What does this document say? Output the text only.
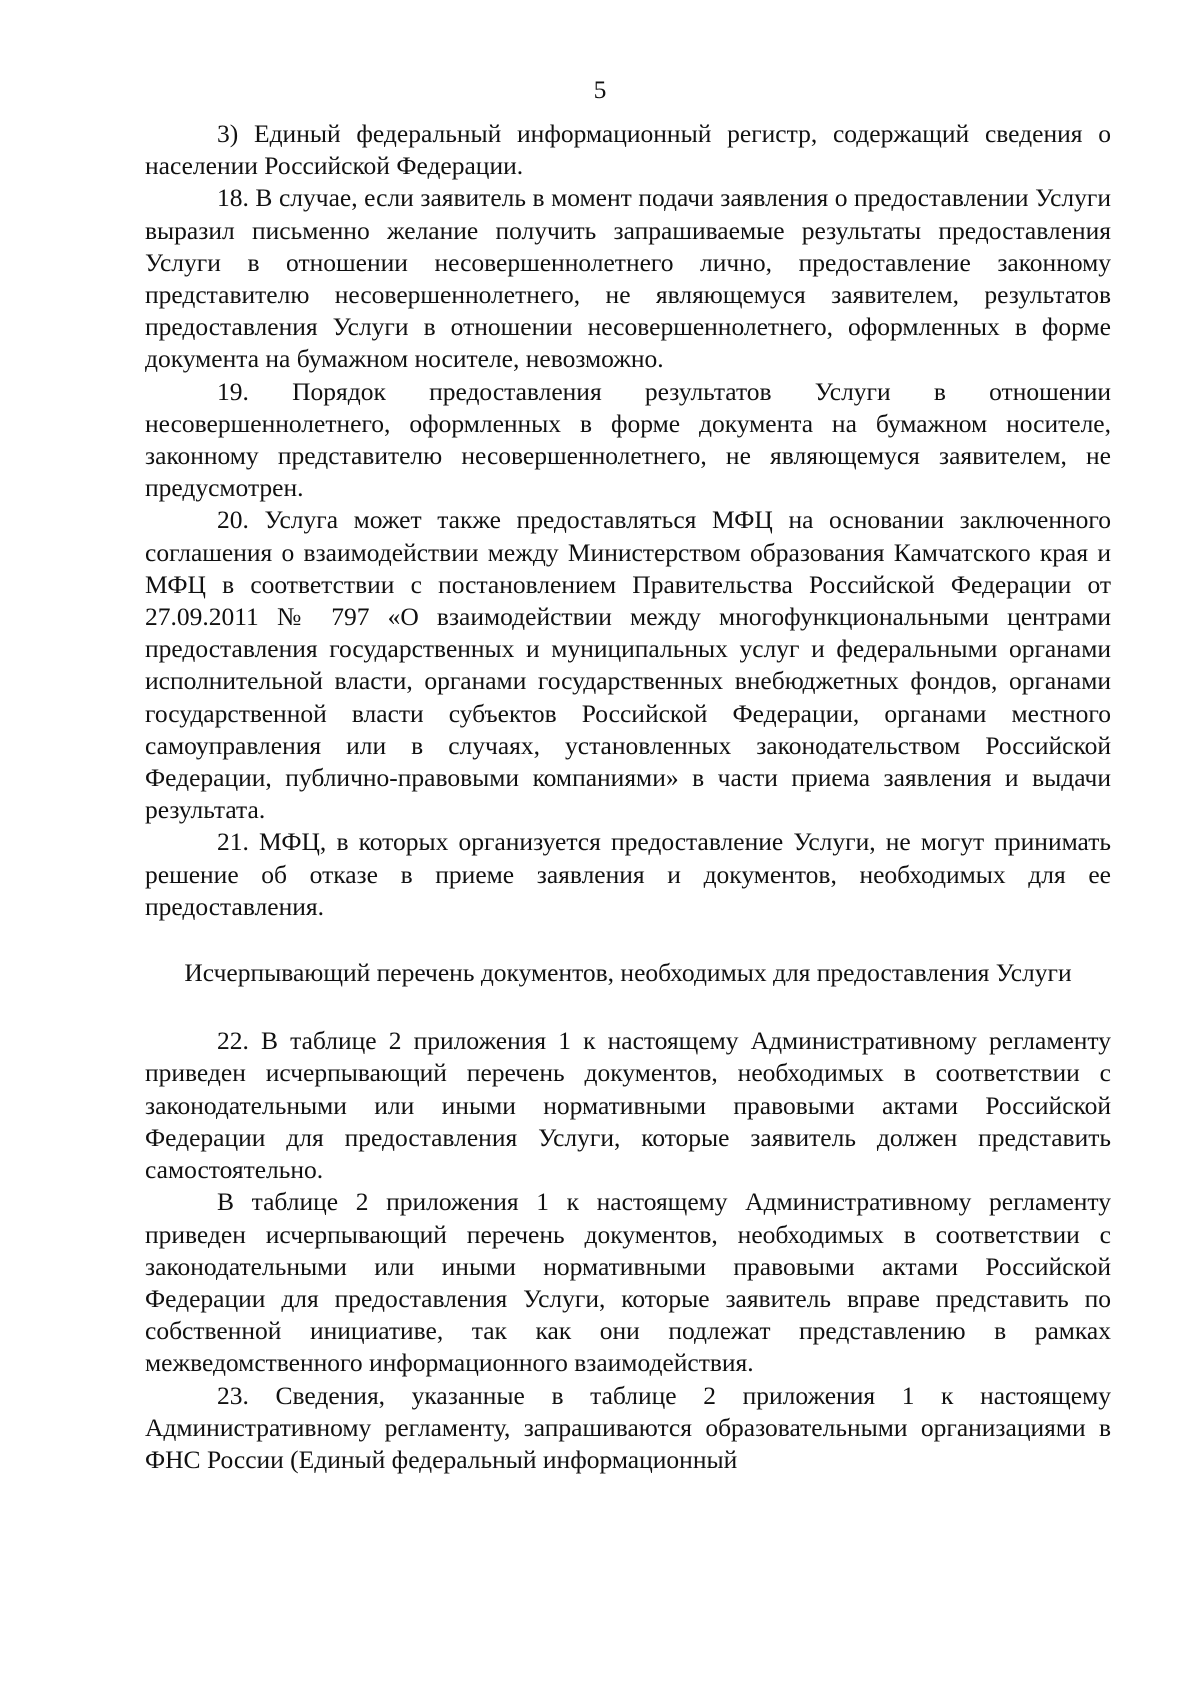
5

3) Единый федеральный информационный регистр, содержащий сведения о населении Российской Федерации.

18. В случае, если заявитель в момент подачи заявления о предоставлении Услуги выразил письменно желание получить запрашиваемые результаты предоставления Услуги в отношении несовершеннолетнего лично, предоставление законному представителю несовершеннолетнего, не являющемуся заявителем, результатов предоставления Услуги в отношении несовершеннолетнего, оформленных в форме документа на бумажном носителе, невозможно.

19. Порядок предоставления результатов Услуги в отношении несовершеннолетнего, оформленных в форме документа на бумажном носителе, законному представителю несовершеннолетнего, не являющемуся заявителем, не предусмотрен.

20. Услуга может также предоставляться МФЦ на основании заключенного соглашения о взаимодействии между Министерством образования Камчатского края и МФЦ в соответствии с постановлением Правительства Российской Федерации от 27.09.2011 № 797 «О взаимодействии между многофункциональными центрами предоставления государственных и муниципальных услуг и федеральными органами исполнительной власти, органами государственных внебюджетных фондов, органами государственной власти субъектов Российской Федерации, органами местного самоуправления или в случаях, установленных законодательством Российской Федерации, публично-правовыми компаниями» в части приема заявления и выдачи результата.

21. МФЦ, в которых организуется предоставление Услуги, не могут принимать решение об отказе в приеме заявления и документов, необходимых для ее предоставления.

Исчерпывающий перечень документов, необходимых для предоставления Услуги

22. В таблице 2 приложения 1 к настоящему Административному регламенту приведен исчерпывающий перечень документов, необходимых в соответствии с законодательными или иными нормативными правовыми актами Российской Федерации для предоставления Услуги, которые заявитель должен представить самостоятельно.

В таблице 2 приложения 1 к настоящему Административному регламенту приведен исчерпывающий перечень документов, необходимых в соответствии с законодательными или иными нормативными правовыми актами Российской Федерации для предоставления Услуги, которые заявитель вправе представить по собственной инициативе, так как они подлежат представлению в рамках межведомственного информационного взаимодействия.

23. Сведения, указанные в таблице 2 приложения 1 к настоящему Административному регламенту, запрашиваются образовательными организациями в ФНС России (Единый федеральный информационный
